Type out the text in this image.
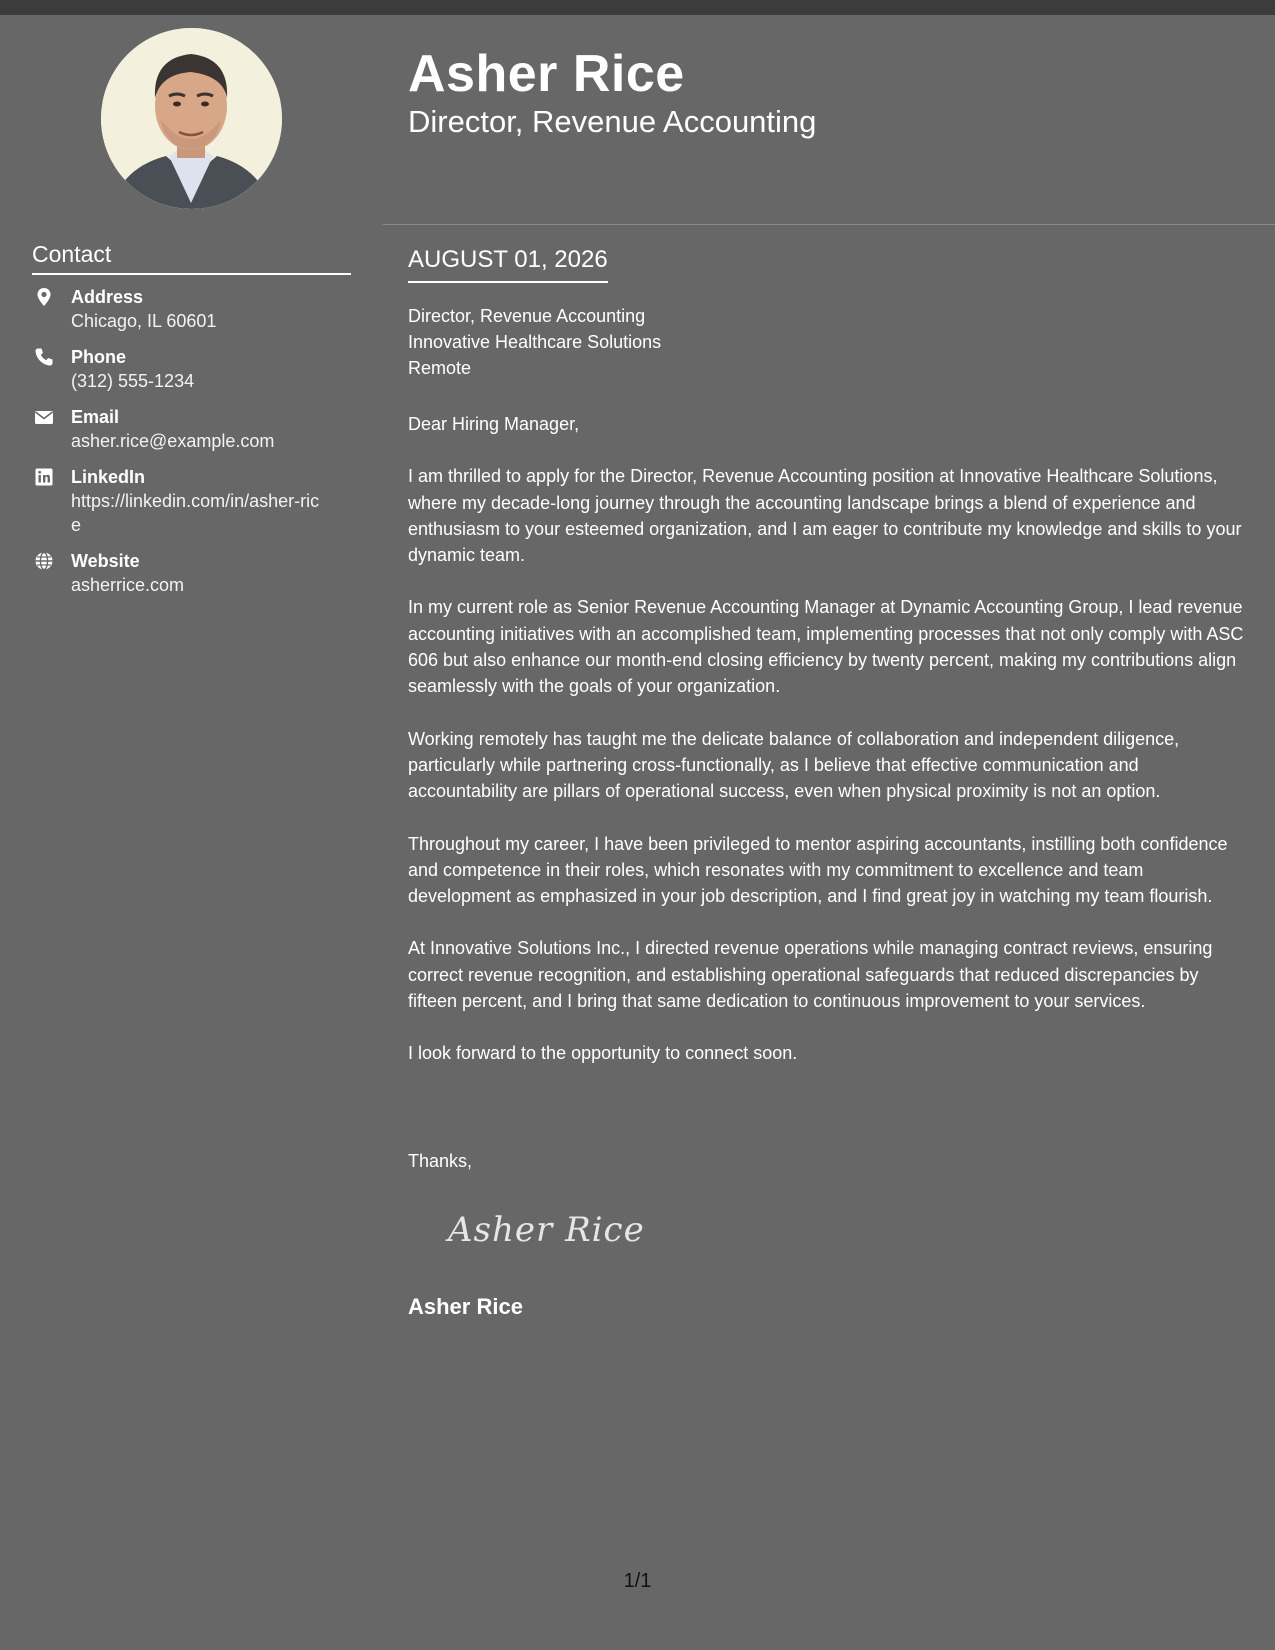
Contact
Address
Chicago, IL 60601
Phone
(312) 555-1234
Email
asher.rice@example.com
LinkedIn
https://linkedin.com/in/asher-rice
Website
asherrice.com
Asher Rice
Director, Revenue Accounting
AUGUST 01, 2026
Director, Revenue Accounting
Innovative Healthcare Solutions
Remote

Dear Hiring Manager,

I am thrilled to apply for the Director, Revenue Accounting position at Innovative Healthcare Solutions, where my decade-long journey through the accounting landscape brings a blend of experience and enthusiasm to your esteemed organization, and I am eager to contribute my knowledge and skills to your dynamic team.

In my current role as Senior Revenue Accounting Manager at Dynamic Accounting Group, I lead revenue accounting initiatives with an accomplished team, implementing processes that not only comply with ASC 606 but also enhance our month-end closing efficiency by twenty percent, making my contributions align seamlessly with the goals of your organization.

Working remotely has taught me the delicate balance of collaboration and independent diligence, particularly while partnering cross-functionally, as I believe that effective communication and accountability are pillars of operational success, even when physical proximity is not an option.

Throughout my career, I have been privileged to mentor aspiring accountants, instilling both confidence and competence in their roles, which resonates with my commitment to excellence and team development as emphasized in your job description, and I find great joy in watching my team flourish.

At Innovative Solutions Inc., I directed revenue operations while managing contract reviews, ensuring correct revenue recognition, and establishing operational safeguards that reduced discrepancies by fifteen percent, and I bring that same dedication to continuous improvement to your services.

I look forward to the opportunity to connect soon.

Thanks,
Asher Rice
Asher Rice
1/1
